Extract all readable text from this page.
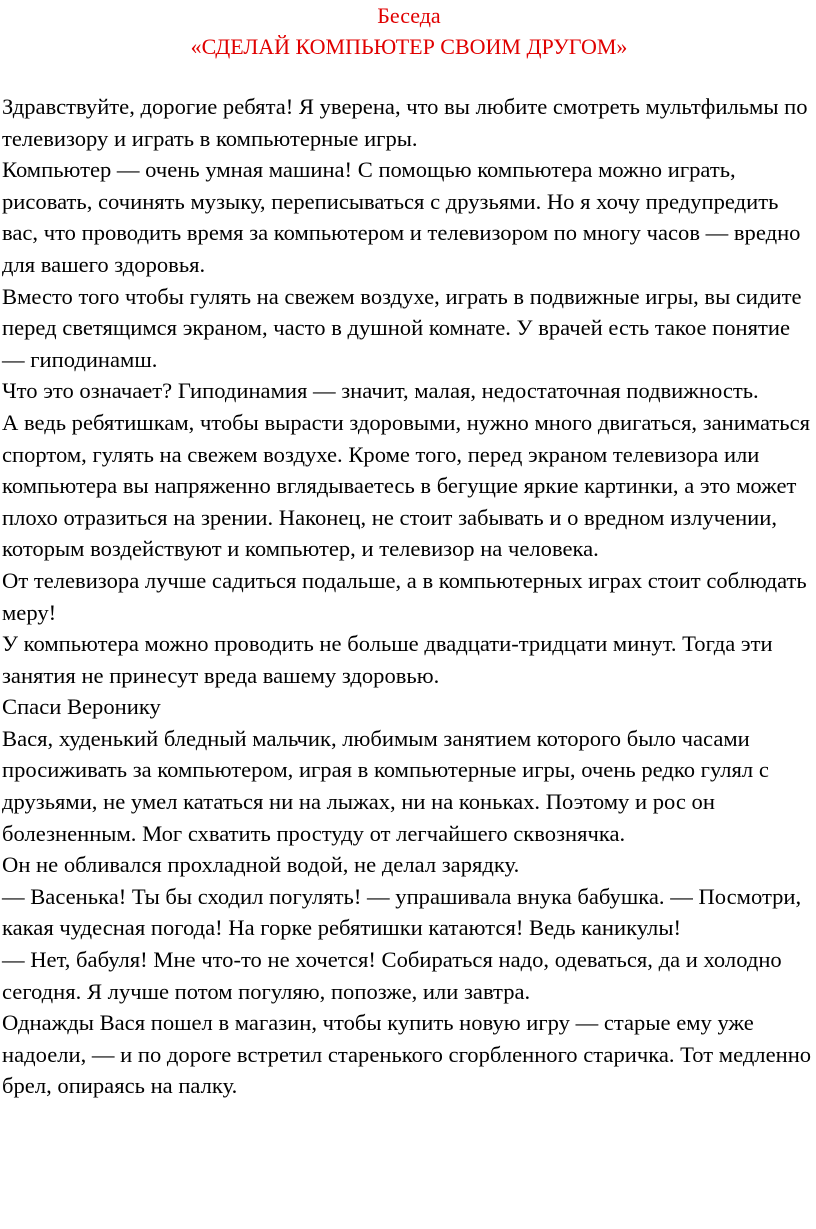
Беседа
«СДЕЛАЙ КОМПЬЮТЕР СВОИМ ДРУГОМ»

Здравствуйте, дорогие ребята! Я уверена, что вы любите смотреть мультфильмы по телевизору и играть в компьютерные игры.

Компьютер — очень умная машина! С помощью компьютера можно играть, рисовать, сочинять музыку, переписываться с друзьями. Но я хочу предупредить вас, что проводить время за компьютером и телевизором по многу часов — вредно для вашего здоровья.

Вместо того чтобы гулять на свежем воздухе, играть в подвижные игры, вы сидите перед светящимся экраном, часто в душной комнате. У врачей есть такое понятие — гиподинамш.

Что это означает? Гиподинамия — значит, малая, недостаточная подвижность.

А ведь ребятишкам, чтобы вырасти здоровыми, нужно много двигаться, заниматься спортом, гулять на свежем воздухе. Кроме того, перед экраном телевизора или компьютера вы напряженно вглядываетесь в бегущие яркие картинки, а это может плохо отразиться на зрении. Наконец, не стоит забывать и о вредном излучении, которым воздействуют и компьютер, и телевизор на человека.

От телевизора лучше садиться подальше, а в компьютерных играх стоит соблюдать меру!

У компьютера можно проводить не больше двадцати-тридцати минут. Тогда эти занятия не принесут вреда вашему здоровью.

Спаси Веронику

Вася, худенький бледный мальчик, любимым занятием которого было часами просиживать за компьютером, играя в компьютерные игры, очень редко гулял с друзьями, не умел кататься ни на лыжах, ни на коньках. Поэтому и рос он болезненным. Мог схватить простуду от легчайшего сквознячка.

Он не обливался прохладной водой, не делал зарядку.

— Васенька! Ты бы сходил погулять! — упрашивала внука бабушка. — Посмотри, какая чудесная погода! На горке ребятишки катаются! Ведь каникулы!

— Нет, бабуля! Мне что-то не хочется! Собираться надо, одеваться, да и холодно сегодня. Я лучше потом погуляю, попозже, или завтра.

Однажды Вася пошел в магазин, чтобы купить новую игру — старые ему уже надоели, — и по дороге встретил старенького сгорбленного старичка. Тот медленно брел, опираясь на палку.
